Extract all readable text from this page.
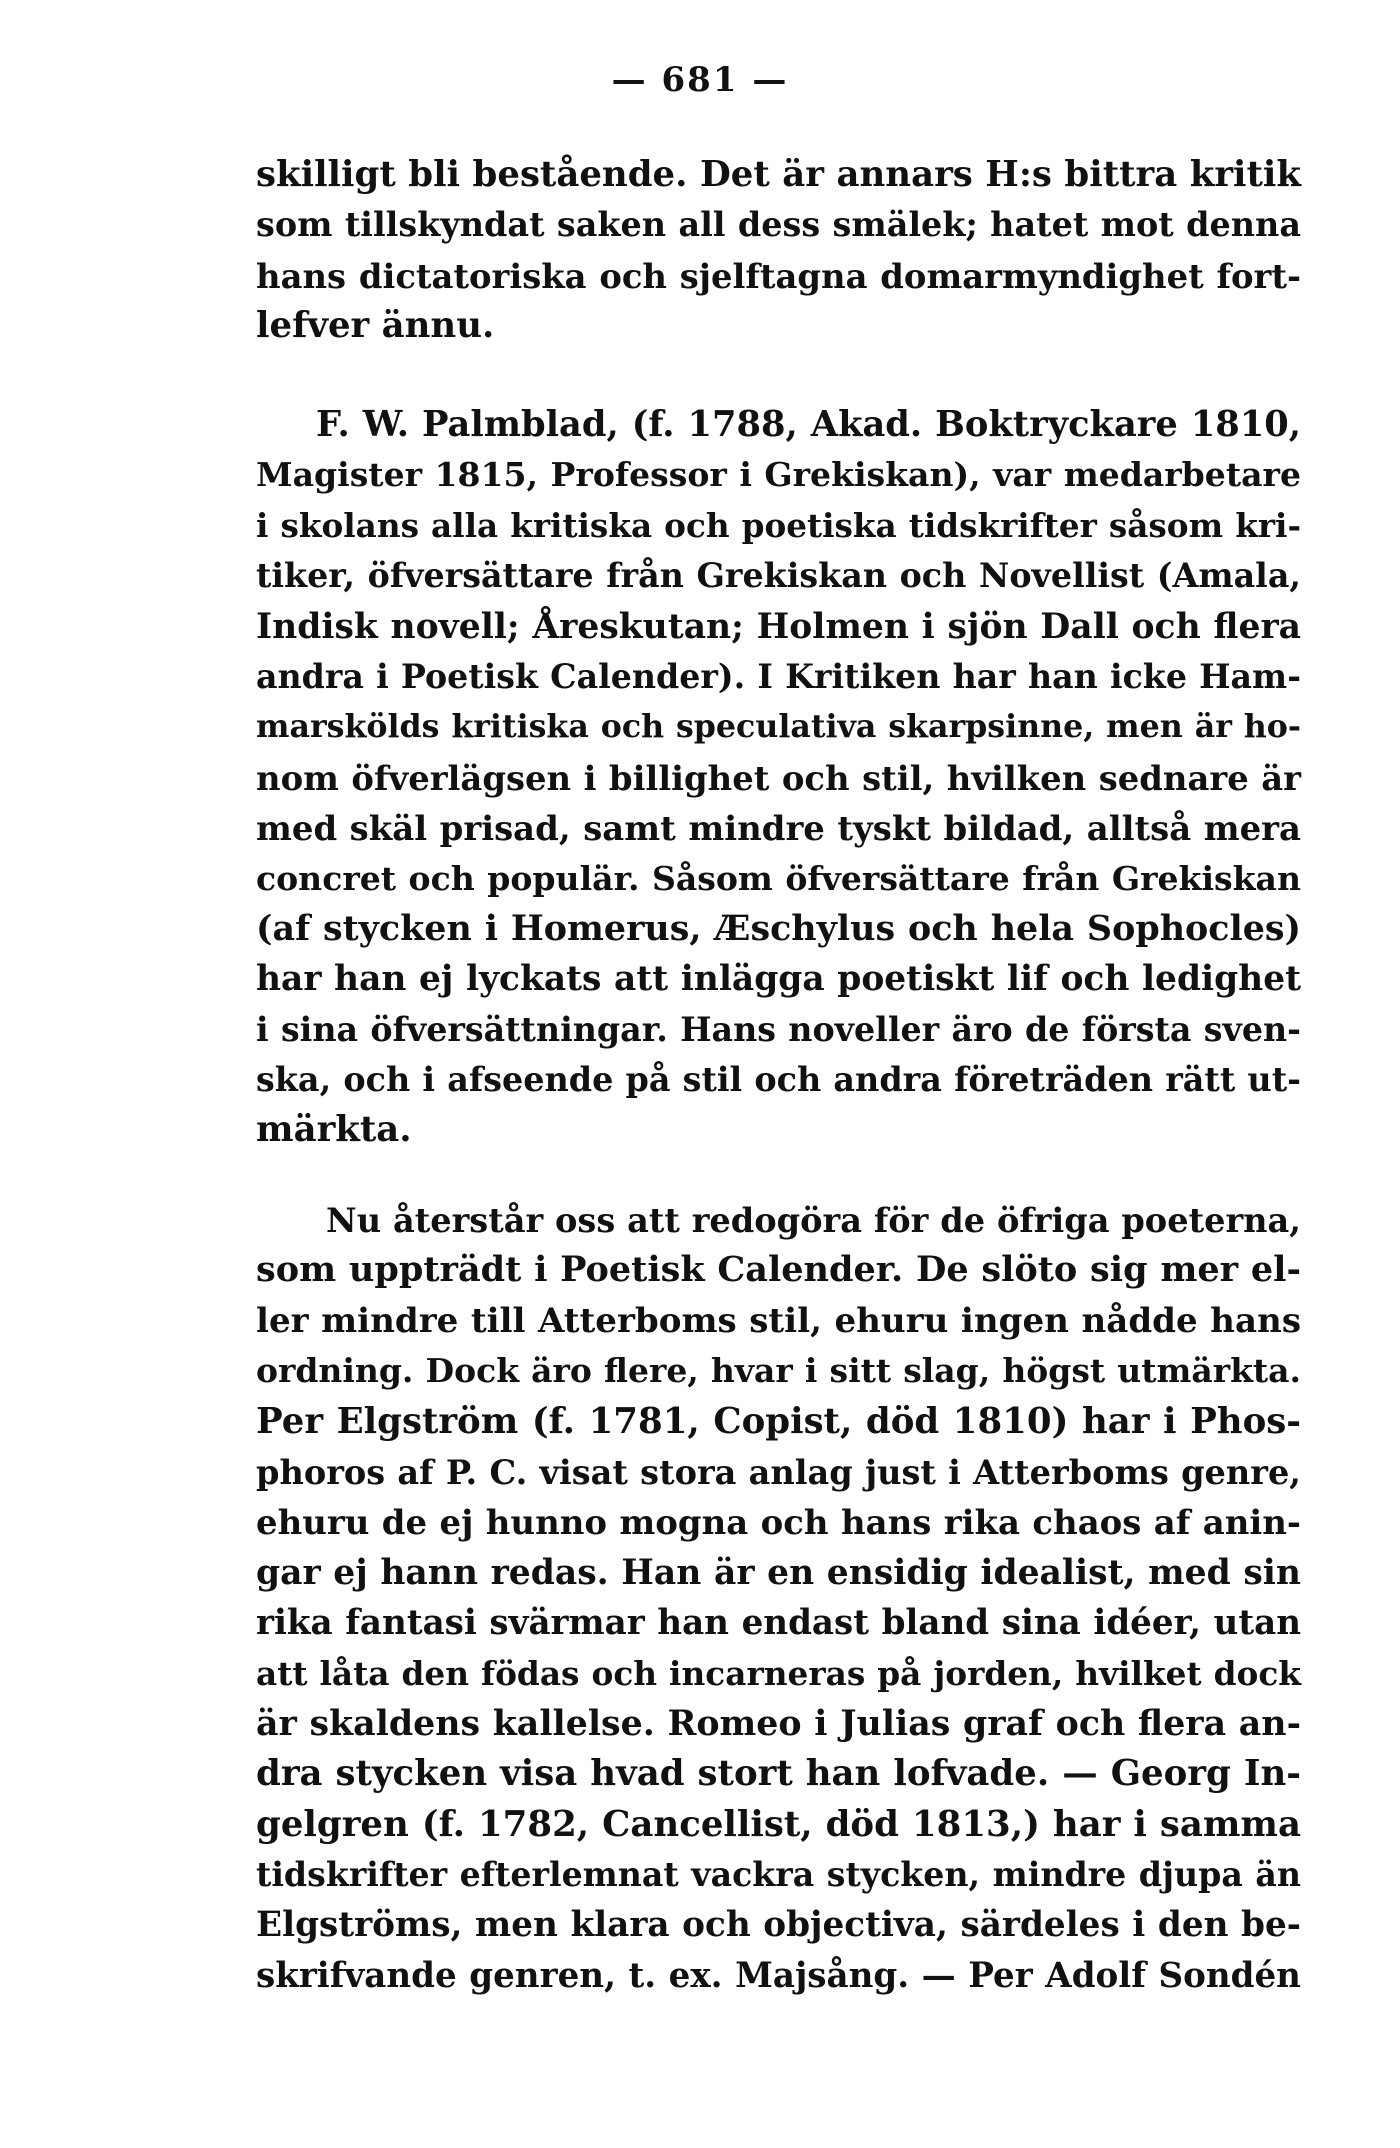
— 681 —
skilligt bli bestående. Det är annars H:s bittra kritik
som tillskyndat saken all dess smälek; hatet mot denna
hans dictatoriska och sjelftagna domarmyndighet fort-
lefver ännu.
F. W. Palmblad, (f. 1788, Akad. Boktryckare 1810,
Magister 1815, Professor i Grekiskan), var medarbetare
i skolans alla kritiska och poetiska tidskrifter såsom kri-
tiker, öfversättare från Grekiskan och Novellist (Amala,
Indisk novell; Åreskutan; Holmen i sjön Dall och flera
andra i Poetisk Calender). I Kritiken har han icke Ham-
marskölds kritiska och speculativa skarpsinne, men är ho-
nom öfverlägsen i billighet och stil, hvilken sednare är
med skäl prisad, samt mindre tyskt bildad, alltså mera
concret och populär. Såsom öfversättare från Grekiskan
(af stycken i Homerus, Æschylus och hela Sophocles)
har han ej lyckats att inlägga poetiskt lif och ledighet
i sina öfversättningar. Hans noveller äro de första sven-
ska, och i afseende på stil och andra företräden rätt ut-
märkta.
Nu återstår oss att redogöra för de öfriga poeterna,
som uppträdt i Poetisk Calender. De slöto sig mer el-
ler mindre till Atterboms stil, ehuru ingen nådde hans
ordning. Dock äro flere, hvar i sitt slag, högst utmärkta.
Per Elgström (f. 1781, Copist, död 1810) har i Phos-
phoros af P. C. visat stora anlag just i Atterboms genre,
ehuru de ej hunno mogna och hans rika chaos af anin-
gar ej hann redas. Han är en ensidig idealist, med sin
rika fantasi svärmar han endast bland sina idéer, utan
att låta den födas och incarneras på jorden, hvilket dock
är skaldens kallelse. Romeo i Julias graf och flera an-
dra stycken visa hvad stort han lofvade. — Georg In-
gelgren (f. 1782, Cancellist, död 1813,) har i samma
tidskrifter efterlemnat vackra stycken, mindre djupa än
Elgströms, men klara och objectiva, särdeles i den be-
skrifvande genren, t. ex. Majsång. — Per Adolf Sondén
